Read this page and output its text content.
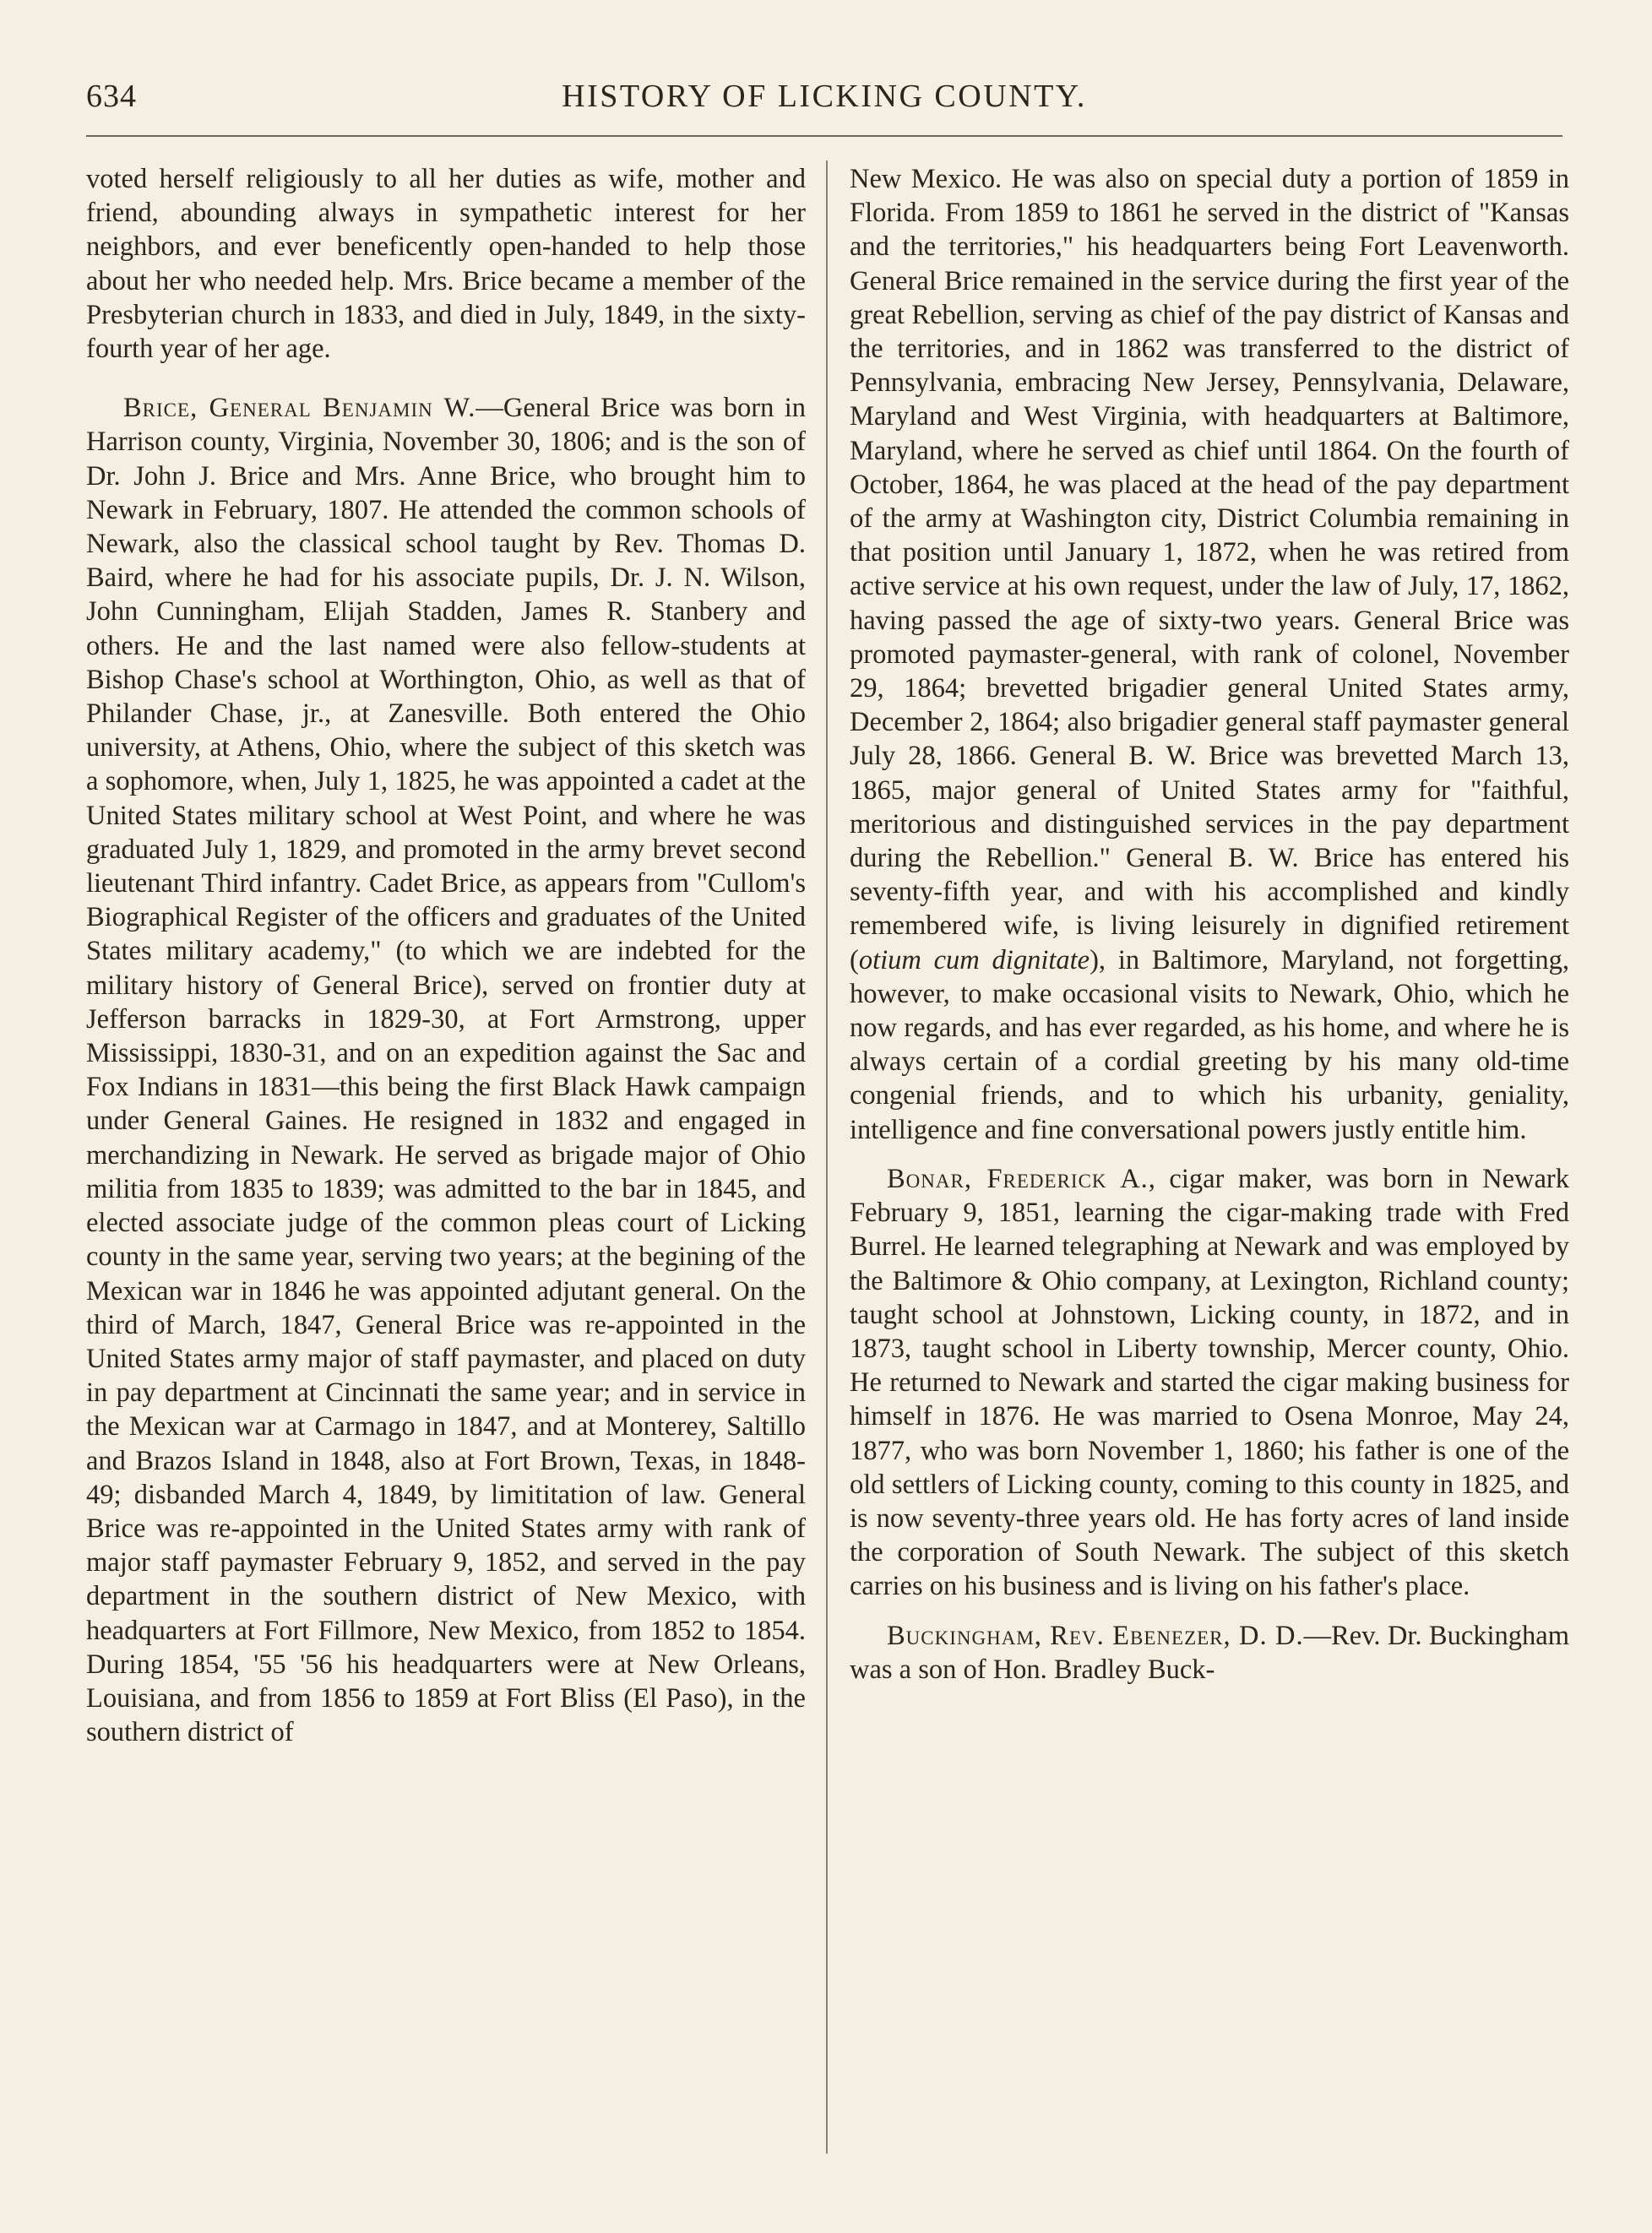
634	HISTORY OF LICKING COUNTY.

voted herself religiously to all her duties as wife, mother and friend, abounding always in sympathetic interest for her neighbors, and ever beneficently open-handed to help those about her who needed help. Mrs. Brice became a member of the Presbyterian church in 1833, and died in July, 1849, in the sixty-fourth year of her age.

Brice, General Benjamin W.—General Brice was born in Harrison county, Virginia, November 30, 1806; and is the son of Dr. John J. Brice and Mrs. Anne Brice, who brought him to Newark in February, 1807. He attended the common schools of Newark, also the classical school taught by Rev. Thomas D. Baird, where he had for his associate pupils, Dr. J. N. Wilson, John Cunningham, Elijah Stadden, James R. Stanbery and others. He and the last named were also fellow-students at Bishop Chase's school at Worthington, Ohio, as well as that of Philander Chase, jr., at Zanesville. Both entered the Ohio university, at Athens, Ohio, where the subject of this sketch was a sophomore, when, July 1, 1825, he was appointed a cadet at the United States military school at West Point, and where he was graduated July 1, 1829, and promoted in the army brevet second lieutenant Third infantry. Cadet Brice, as appears from "Cullom's Biographical Register of the officers and graduates of the United States military academy," (to which we are indebted for the military history of General Brice), served on frontier duty at Jefferson barracks in 1829-30, at Fort Armstrong, upper Mississippi, 1830-31, and on an expedition against the Sac and Fox Indians in 1831—this being the first Black Hawk campaign under General Gaines. He resigned in 1832 and engaged in merchandizing in Newark. He served as brigade major of Ohio militia from 1835 to 1839; was admitted to the bar in 1845, and elected associate judge of the common pleas court of Licking county in the same year, serving two years; at the begining of the Mexican war in 1846 he was appointed adjutant general. On the third of March, 1847, General Brice was re-appointed in the United States army major of staff paymaster, and placed on duty in pay department at Cincinnati the same year; and in service in the Mexican war at Carmago in 1847, and at Monterey, Saltillo and Brazos Island in 1848, also at Fort Brown, Texas, in 1848-49; disbanded March 4, 1849, by limititation of law. General Brice was re-appointed in the United States army with rank of major staff paymaster February 9, 1852, and served in the pay department in the southern district of New Mexico, with headquarters at Fort Fillmore, New Mexico, from 1852 to 1854. During 1854, '55 '56 his headquarters were at New Orleans, Louisiana, and from 1856 to 1859 at Fort Bliss (El Paso), in the southern district of

New Mexico. He was also on special duty a portion of 1859 in Florida. From 1859 to 1861 he served in the district of "Kansas and the territories," his headquarters being Fort Leavenworth. General Brice remained in the service during the first year of the great Rebellion, serving as chief of the pay district of Kansas and the territories, and in 1862 was transferred to the district of Pennsylvania, embracing New Jersey, Pennsylvania, Delaware, Maryland and West Virginia, with headquarters at Baltimore, Maryland, where he served as chief until 1864. On the fourth of October, 1864, he was placed at the head of the pay department of the army at Washington city, District Columbia remaining in that position until January 1, 1872, when he was retired from active service at his own request, under the law of July, 17, 1862, having passed the age of sixty-two years. General Brice was promoted paymaster-general, with rank of colonel, November 29, 1864; brevetted brigadier general United States army, December 2, 1864; also brigadier general staff paymaster general July 28, 1866. General B. W. Brice was brevetted March 13, 1865, major general of United States army for "faithful, meritorious and distinguished services in the pay department during the Rebellion." General B. W. Brice has entered his seventy-fifth year, and with his accomplished and kindly remembered wife, is living leisurely in dignified retirement (otium cum dignitate), in Baltimore, Maryland, not forgetting, however, to make occasional visits to Newark, Ohio, which he now regards, and has ever regarded, as his home, and where he is always certain of a cordial greeting by his many old-time congenial friends, and to which his urbanity, geniality, intelligence and fine conversational powers justly entitle him.

Bonar, Frederick A., cigar maker, was born in Newark February 9, 1851, learning the cigar-making trade with Fred Burrel. He learned telegraphing at Newark and was employed by the Baltimore & Ohio company, at Lexington, Richland county; taught school at Johnstown, Licking county, in 1872, and in 1873, taught school in Liberty township, Mercer county, Ohio. He returned to Newark and started the cigar making business for himself in 1876. He was married to Osena Monroe, May 24, 1877, who was born November 1, 1860; his father is one of the old settlers of Licking county, coming to this county in 1825, and is now seventy-three years old. He has forty acres of land inside the corporation of South Newark. The subject of this sketch carries on his business and is living on his father's place.

Buckingham, Rev. Ebenezer, D. D.—Rev. Dr. Buckingham was a son of Hon. Bradley Buck-
